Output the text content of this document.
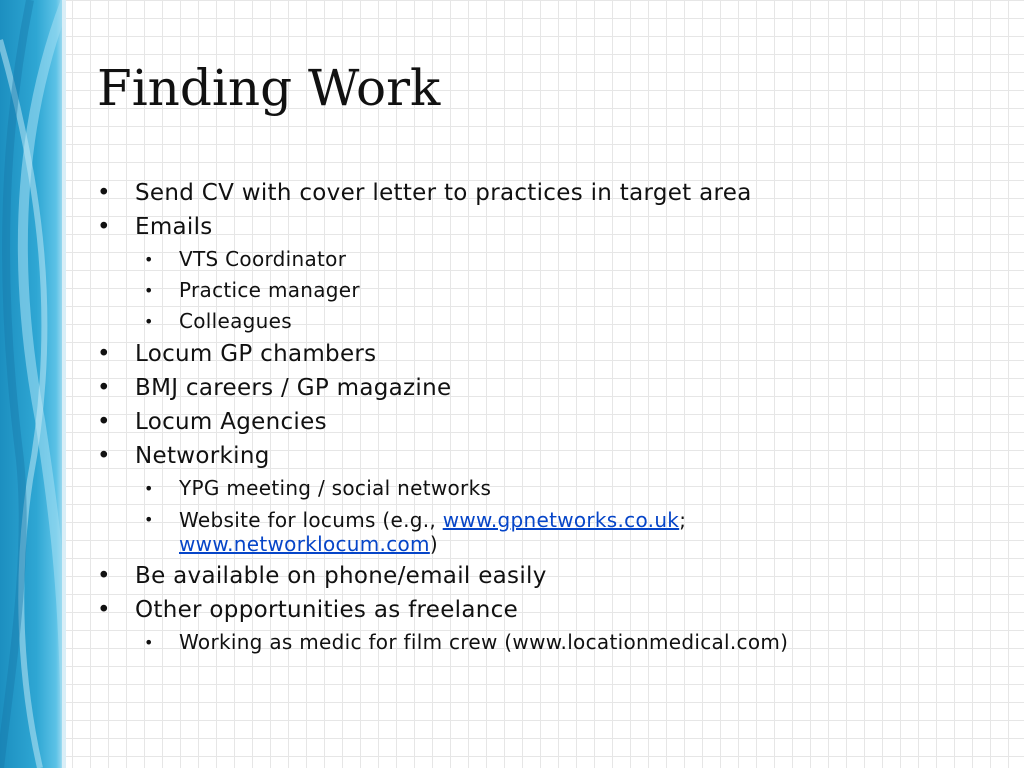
Finding Work
• Send CV with cover letter to practices in target area
• Emails
• VTS Coordinator
• Practice manager
• Colleagues
• Locum GP chambers
• BMJ careers / GP magazine
• Locum Agencies
• Networking
• YPG meeting / social networks
• Website for locums (e.g., www.gpnetworks.co.uk;
www.networklocum.com)
• Be available on phone/email easily
• Other opportunities as freelance
• Working as medic for film crew (www.locationmedical.com)
